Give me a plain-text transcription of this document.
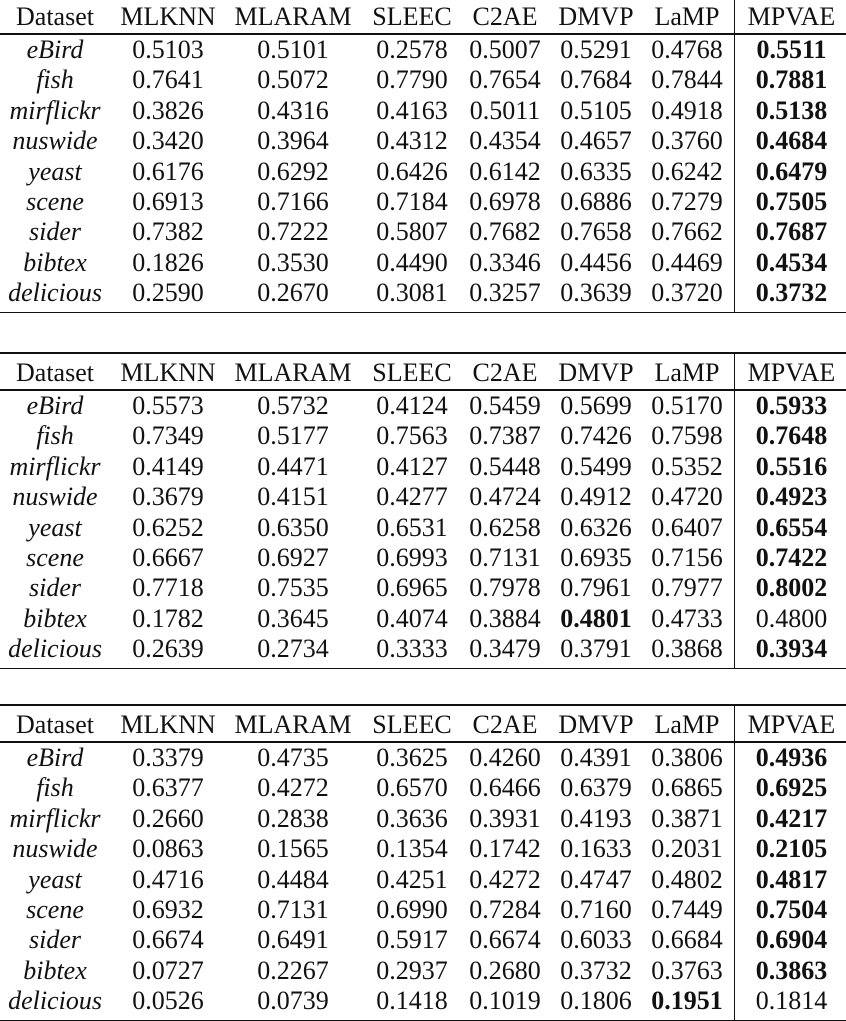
Dataset	MLKNN MLARAM SLEEC C2AE DMVP LaMP	MPVAE
eBird	0.5103	0.5101	0.2578 0.5007 0.5291 0.4768	0.5511
fish	0.7641	0.5072	0.7790 0.7654 0.7684 0.7844	0.7881
mirflickr	0.3826	0.4316	0.4163 0.5011 0.5105 0.4918	0.5138
nuswide	0.3420	0.3964	0.4312 0.4354 0.4657 0.3760	0.4684
yeast	0.6176	0.6292	0.6426 0.6142 0.6335 0.6242	0.6479
scene	0.6913	0.7166	0.7184 0.6978 0.6886 0.7279	0.7505
sider	0.7382	0.7222	0.5807 0.7682 0.7658 0.7662	0.7687
bibtex	0.1826	0.3530	0.4490 0.3346 0.4456 0.4469	0.4534
delicious	0.2590	0.2670	0.3081 0.3257 0.3639 0.3720	0.3732
Dataset	MLKNN MLARAM SLEEC C2AE DMVP LaMP	MPVAE
eBird	0.5573	0.5732	0.4124 0.5459 0.5699 0.5170	0.5933
fish	0.7349	0.5177	0.7563 0.7387 0.7426 0.7598	0.7648
mirflickr	0.4149	0.4471	0.4127 0.5448 0.5499 0.5352	0.5516
nuswide	0.3679	0.4151	0.4277 0.4724 0.4912 0.4720	0.4923
yeast	0.6252	0.6350	0.6531 0.6258 0.6326 0.6407	0.6554
scene	0.6667	0.6927	0.6993 0.7131 0.6935 0.7156	0.7422
sider	0.7718	0.7535	0.6965 0.7978 0.7961 0.7977	0.8002
bibtex	0.1782	0.3645	0.4074 0.3884 0.4801 0.4733	0.4800
delicious	0.2639	0.2734	0.3333 0.3479 0.3791 0.3868	0.3934
Dataset	MLKNN MLARAM SLEEC C2AE DMVP LaMP	MPVAE
eBird	0.3379	0.4735	0.3625 0.4260 0.4391 0.3806	0.4936
fish	0.6377	0.4272	0.6570 0.6466 0.6379 0.6865	0.6925
mirflickr	0.2660	0.2838	0.3636 0.3931 0.4193 0.3871	0.4217
nuswide	0.0863	0.1565	0.1354 0.1742 0.1633 0.2031	0.2105
yeast	0.4716	0.4484	0.4251 0.4272 0.4747 0.4802	0.4817
scene	0.6932	0.7131	0.6990 0.7284 0.7160 0.7449	0.7504
sider	0.6674	0.6491	0.5917 0.6674 0.6033 0.6684	0.6904
bibtex	0.0727	0.2267	0.2937 0.2680 0.3732 0.3763	0.3863
delicious	0.0526	0.0739	0.1418 0.1019 0.1806 0.1951	0.1814
